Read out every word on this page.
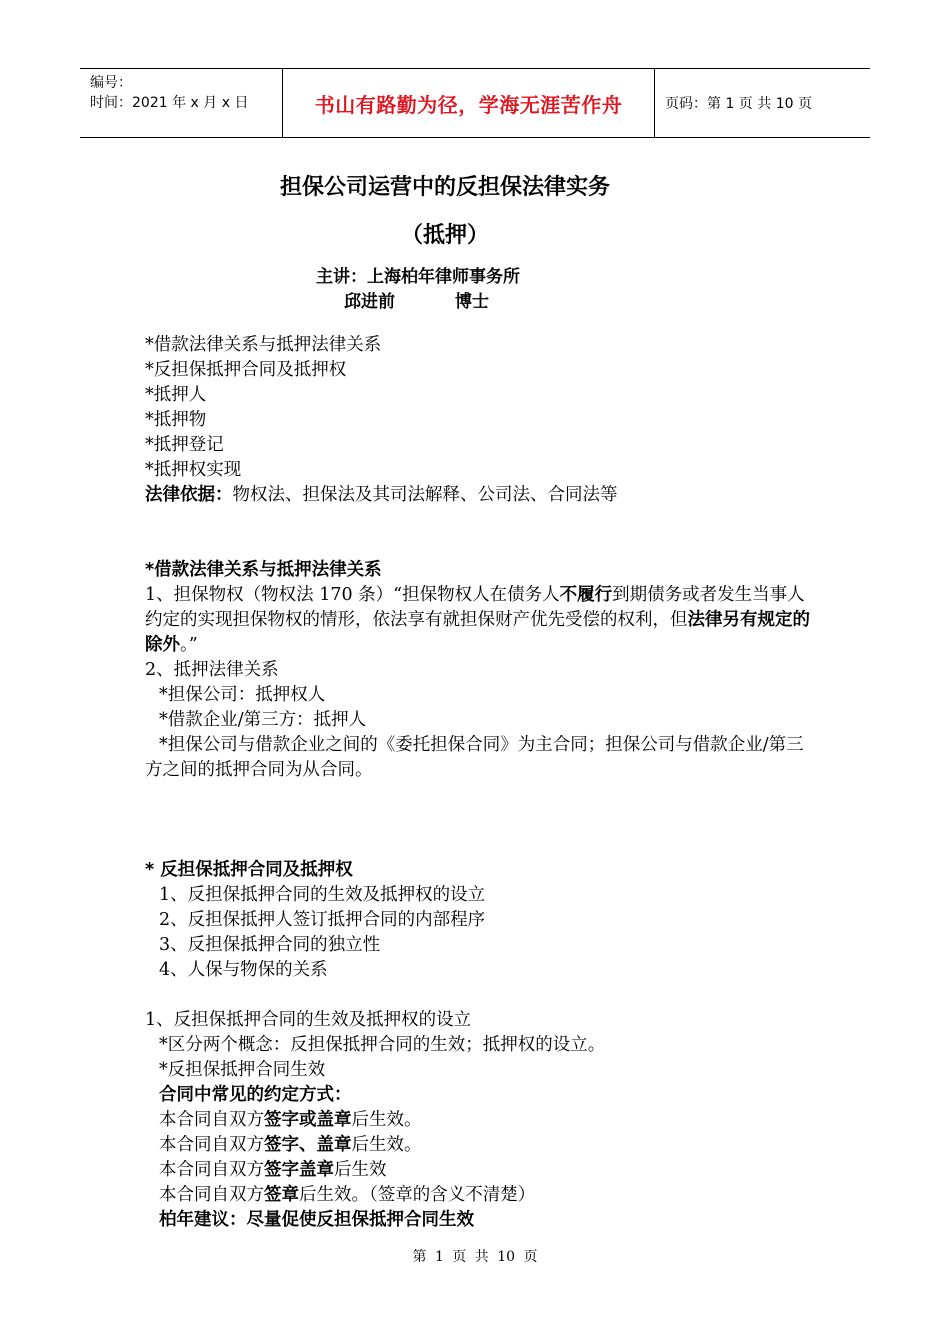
编号：
时间：2021 年 x 月 x 日	书山有路勤为径，学海无涯苦作舟	页码：第 1 页 共 10 页
担保公司运营中的反担保法律实务
（抵押）
主讲：上海柏年律师事务所
邱进前	博士

*借款法律关系与抵押法律关系

*反担保抵押合同及抵押权

*抵押人

*抵押物

*抵押登记

*抵押权实现

法律依据：物权法、担保法及其司法解释、公司法、合同法等

*借款法律关系与抵押法律关系

1、担保物权（物权法 170 条）“担保物权人在债务人不履行到期债务或者发生当事人约定的实现担保物权的情形，依法享有就担保财产优先受偿的权利，但法律另有规定的除外。”

2、抵押法律关系

*担保公司：抵押权人

*借款企业/第三方：抵押人

*担保公司与借款企业之间的《委托担保合同》为主合同；担保公司与借款企业/第三方之间的抵押合同为从合同。

* 反担保抵押合同及抵押权

1、反担保抵押合同的生效及抵押权的设立

2、反担保抵押人签订抵押合同的内部程序

3、反担保抵押合同的独立性

4、人保与物保的关系

1、反担保抵押合同的生效及抵押权的设立

*区分两个概念：反担保抵押合同的生效；抵押权的设立。

*反担保抵押合同生效

合同中常见的约定方式：

本合同自双方签字或盖章后生效。

本合同自双方签字、盖章后生效。

本合同自双方签字盖章后生效

本合同自双方签章后生效。（签章的含义不清楚）

柏年建议：尽量促使反担保抵押合同生效

第 1 页 共 10 页
